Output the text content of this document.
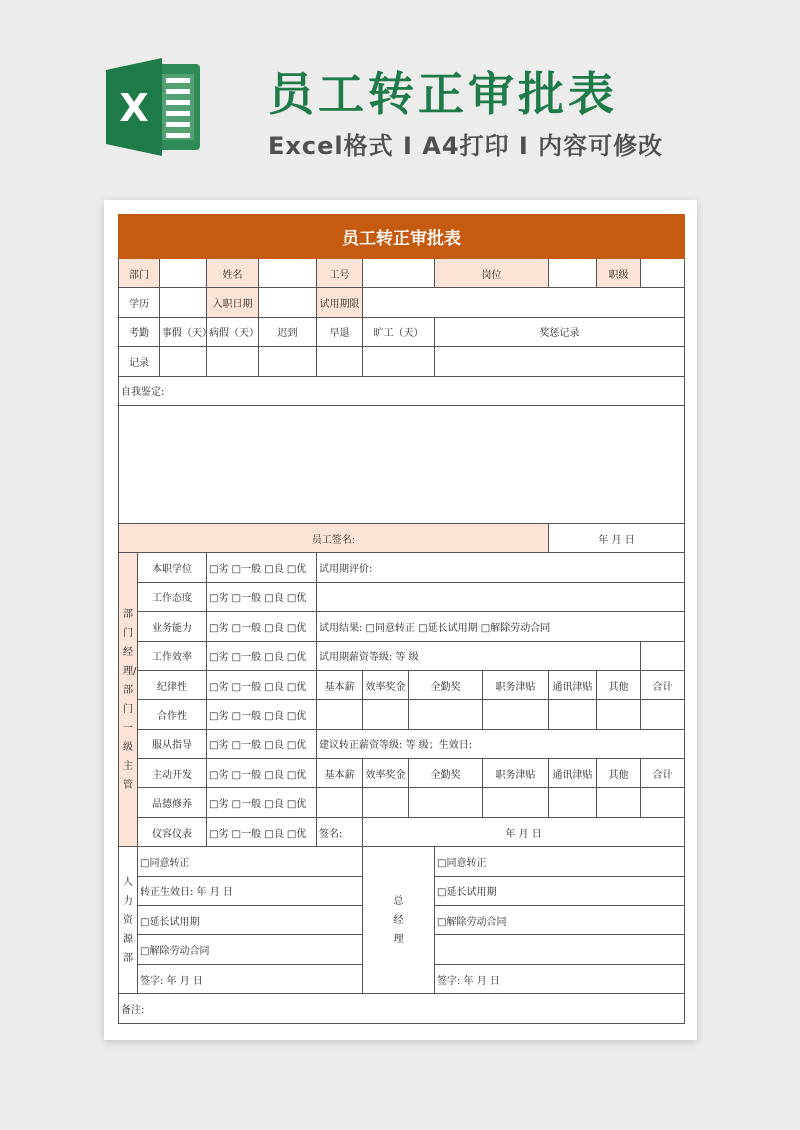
X	员工转正审批表
Excel格式 I A4打印 I 内容可修改
员工转正审批表													
部门			姓名		工号			岗位			职级		
学历			入职日期		试用期限								
考勤		事假（天）	病假（天）	迟到	早退	旷工（天）		奖惩记录					
记录													
自我鉴定:													

员工签名:										年 月 日			
部门经理/部门一级主管	本职学位		□劣 □一般 □良 □优		试用期评价:								
	工作态度		□劣 □一般 □良 □优										
	业务能力		□劣 □一般 □良 □优		试用结果: □同意转正 □延长试用期 □解除劳动合同								
	工作效率		□劣 □一般 □良 □优		试用期薪资等级: 等 级								
	纪律性		□劣 □一般 □良 □优		基本薪	效率奖金	全勤奖		职务津贴	通讯津贴	其他	合计	
	合作性		□劣 □一般 □良 □优										
	服从指导		□劣 □一般 □良 □优		建议转正薪资等级: 等 级；生效日:								
	主动开发		□劣 □一般 □良 □优		基本薪	效率奖金	全勤奖		职务津贴	通讯津贴	其他	合计	
	品德修养		□劣 □一般 □良 □优										
	仪容仪表		□劣 □一般 □良 □优		签名:	年 月 日							
人力资源部	□同意转正					总经理		□同意转正					
	转正生效日: 年 月 日							□延长试用期					
	□延长试用期							□解除劳动合同					
	□解除劳动合同												
	签字: 年 月 日							签字: 年 月 日					
备注:													
